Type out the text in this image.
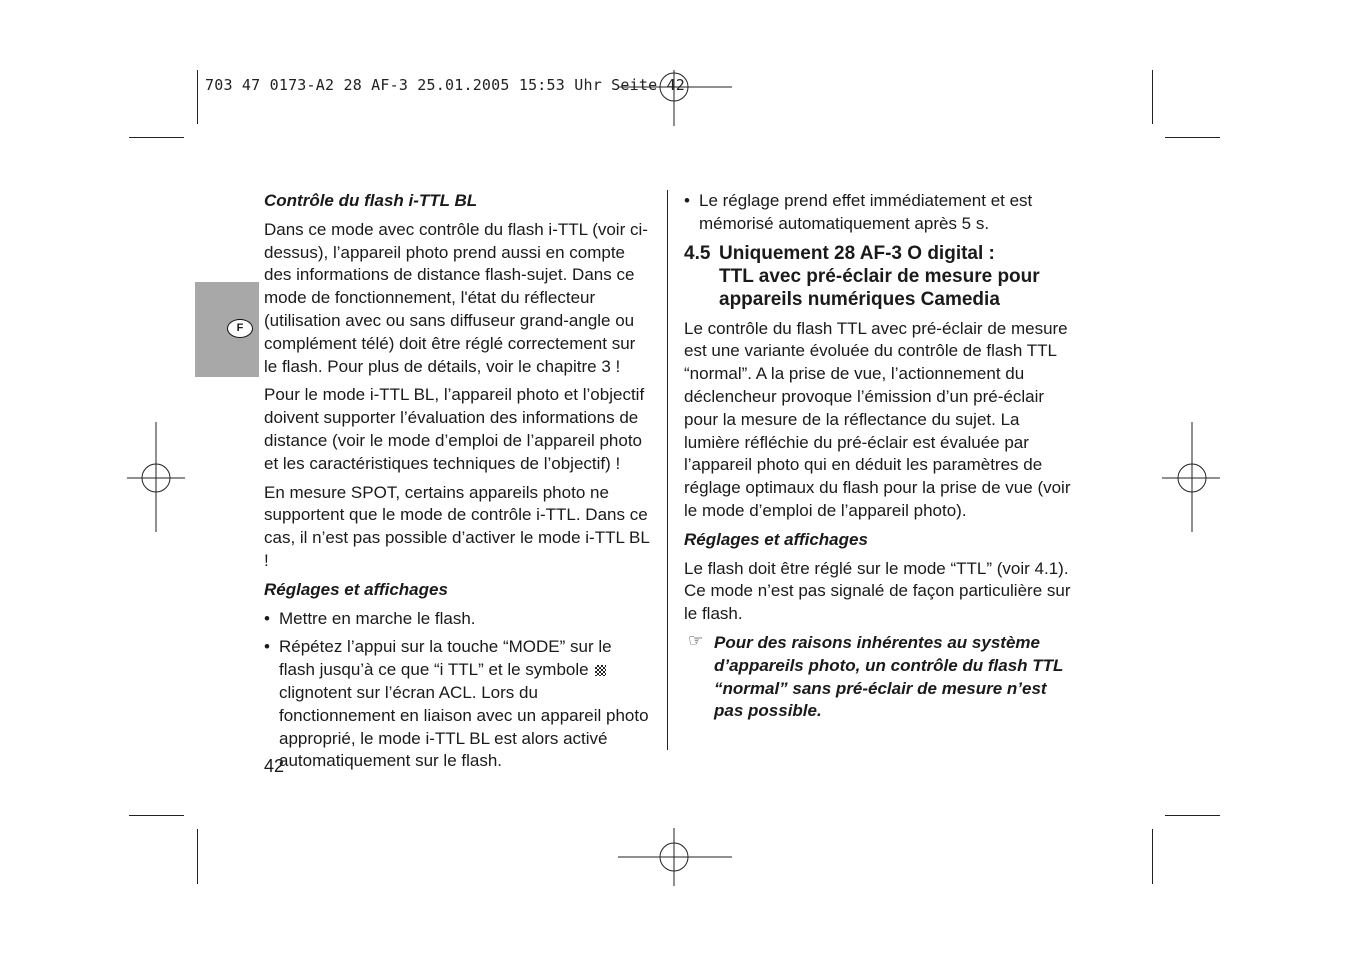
703 47 0173-A2 28 AF-3 25.01.2005 15:53 Uhr Seite 42
F

Contrôle du flash i-TTL BL

Dans ce mode avec contrôle du flash i-TTL (voir ci-dessus), l’appareil photo prend aussi en compte des informations de distance flash-sujet. Dans ce mode de fonctionnement, l'état du réflecteur (utilisation avec ou sans diffuseur grand-angle ou complément télé) doit être réglé correctement sur le flash. Pour plus de détails, voir le chapitre 3 !

Pour le mode i-TTL BL, l’appareil photo et l’objectif doivent supporter l’évaluation des informations de distance (voir le mode d’emploi de l’appareil photo et les caractéristiques techniques de l’objectif) !

En mesure SPOT, certains appareils photo ne supportent que le mode de contrôle i-TTL. Dans ce cas, il n’est pas possible d’activer le mode i-TTL BL !

Réglages et affichages

• Mettre en marche le flash.
• Répétez l’appui sur la touche “MODE” sur le flash jusqu’à ce que “i TTL” et le symbole  clignotent sur l’écran ACL. Lors du fonctionnement en liaison avec un appareil photo approprié, le mode i-TTL BL est alors activé automatiquement sur le flash.
• Le réglage prend effet immédiatement et est mémorisé automatiquement après 5 s.
4.5 Uniquement 28 AF-3 O digital :
TTL avec pré-éclair de mesure pour
appareils numériques Camedia

Le contrôle du flash TTL avec pré-éclair de mesure est une variante évoluée du contrôle de flash TTL “normal”. A la prise de vue, l’actionnement du déclencheur provoque l’émission d’un pré-éclair pour la mesure de la réflectance du sujet. La lumière réfléchie du pré-éclair est évaluée par l’appareil photo qui en déduit les paramètres de réglage optimaux du flash pour la prise de vue (voir le mode d’emploi de l’appareil photo).

Réglages et affichages

Le flash doit être réglé sur le mode “TTL” (voir 4.1). Ce mode n’est pas signalé de façon particulière sur le flash.

☞ Pour des raisons inhérentes au système d’appareils photo, un contrôle du flash TTL “normal” sans pré-éclair de mesure n’est pas possible.
42
